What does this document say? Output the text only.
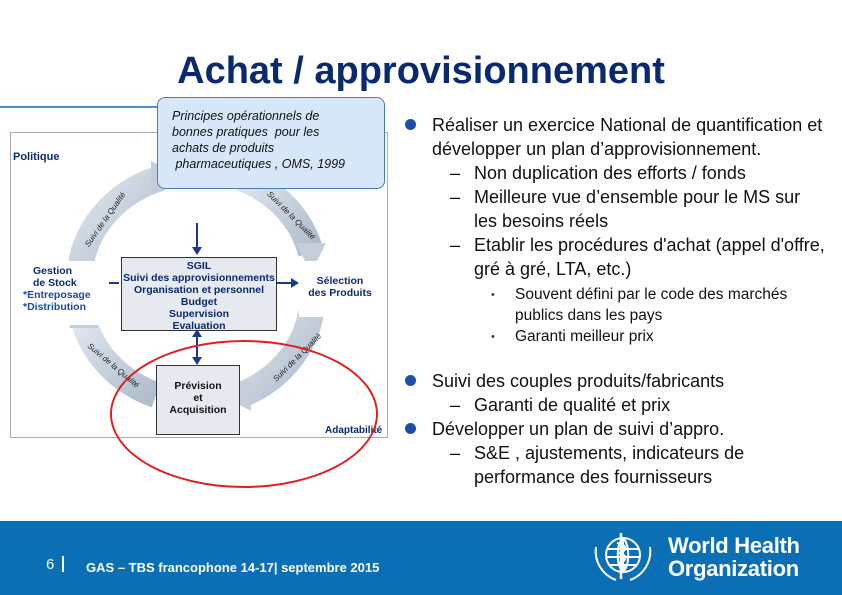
Achat / approvisionnement
Politique
Adaptabilité
Gestion
de Stock
*Entreposage
*Distribution
Sélection
des Produits
SGIL
Suivi des approvisionnements
Organisation et personnel
Budget
Supervision
Evaluation
Prévision
et
Acquisition
Suivi de la Qualité	Suivi de la Qualité
Suivi de la Qualité
Suivi de la Qualité
Principes opérationnels de
bonnes pratiques  pour les
achats de produits
pharmaceutiques , OMS, 1999
Réaliser un exercice National de quantification et développer un plan d’approvisionnement.
– Non duplication des efforts / fonds
– Meilleure vue d’ensemble pour le MS sur les besoins réels
– Etablir les procédures d'achat (appel d'offre, gré à gré, LTA, etc.)
• Souvent défini par le code des marchés publics dans les pays
• Garanti meilleur prix
Suivi des couples produits/fabricants
– Garanti de qualité et prix
Développer un plan de suivi d’appro.
– S&E , ajustements, indicateurs de performance des fournisseurs
6 GAS – TBS francophone 14-17| septembre 2015
World Health
Organization
